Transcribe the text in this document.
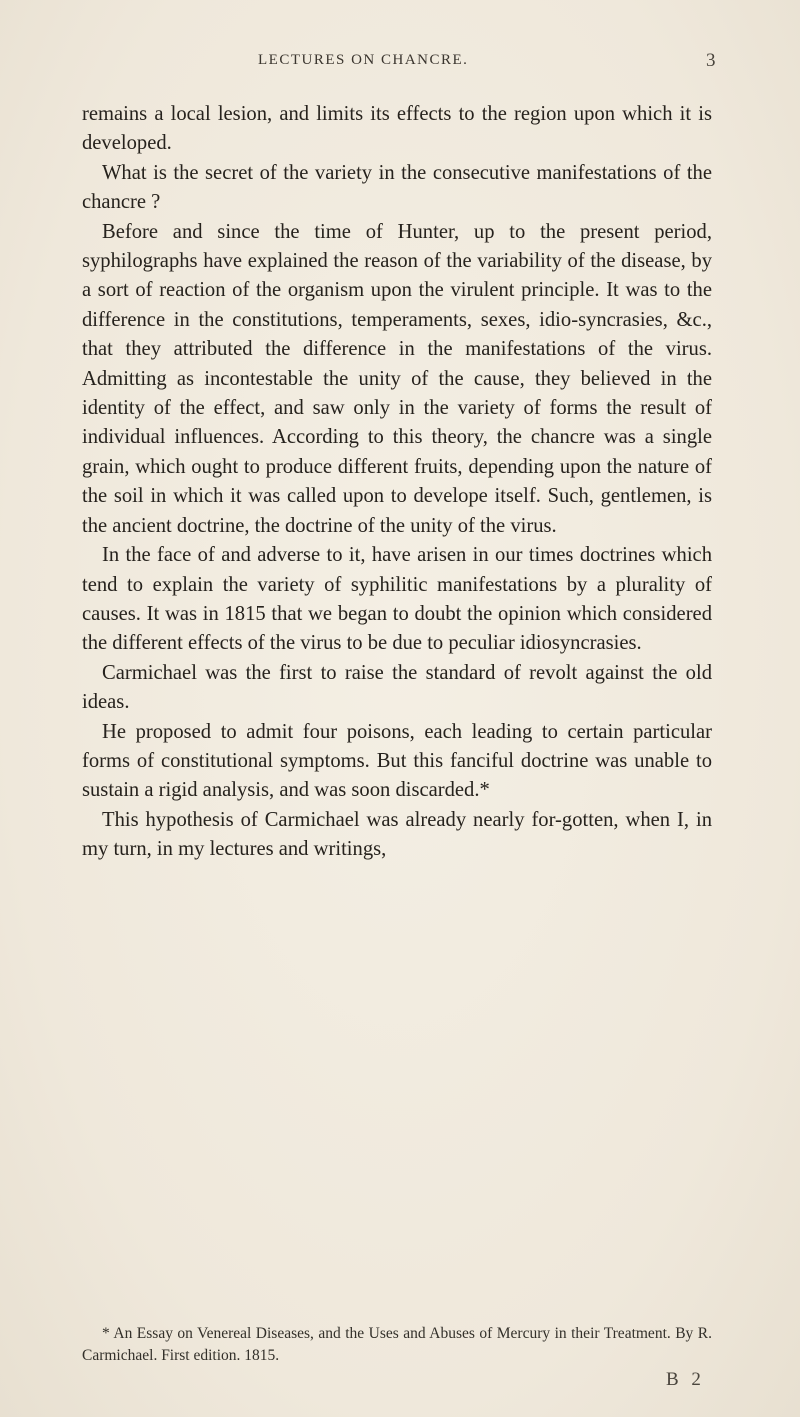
LECTURES ON CHANCRE.	3

remains a local lesion, and limits its effects to the region upon which it is developed.

What is the secret of the variety in the consecutive manifestations of the chancre ?

Before and since the time of Hunter, up to the present period, syphilographs have explained the reason of the variability of the disease, by a sort of reaction of the organism upon the virulent principle. It was to the difference in the constitutions, temperaments, sexes, idio-syncrasies, &c., that they attributed the difference in the manifestations of the virus. Admitting as incontestable the unity of the cause, they believed in the identity of the effect, and saw only in the variety of forms the result of individual influences. According to this theory, the chancre was a single grain, which ought to produce different fruits, depending upon the nature of the soil in which it was called upon to develope itself. Such, gentlemen, is the ancient doctrine, the doctrine of the unity of the virus.

In the face of and adverse to it, have arisen in our times doctrines which tend to explain the variety of syphilitic manifestations by a plurality of causes. It was in 1815 that we began to doubt the opinion which considered the different effects of the virus to be due to peculiar idiosyncrasies.

Carmichael was the first to raise the standard of revolt against the old ideas.

He proposed to admit four poisons, each leading to certain particular forms of constitutional symptoms. But this fanciful doctrine was unable to sustain a rigid analysis, and was soon discarded.*

This hypothesis of Carmichael was already nearly for-gotten, when I, in my turn, in my lectures and writings,

* An Essay on Venereal Diseases, and the Uses and Abuses of Mercury in their Treatment. By R. Carmichael. First edition. 1815.

B 2
